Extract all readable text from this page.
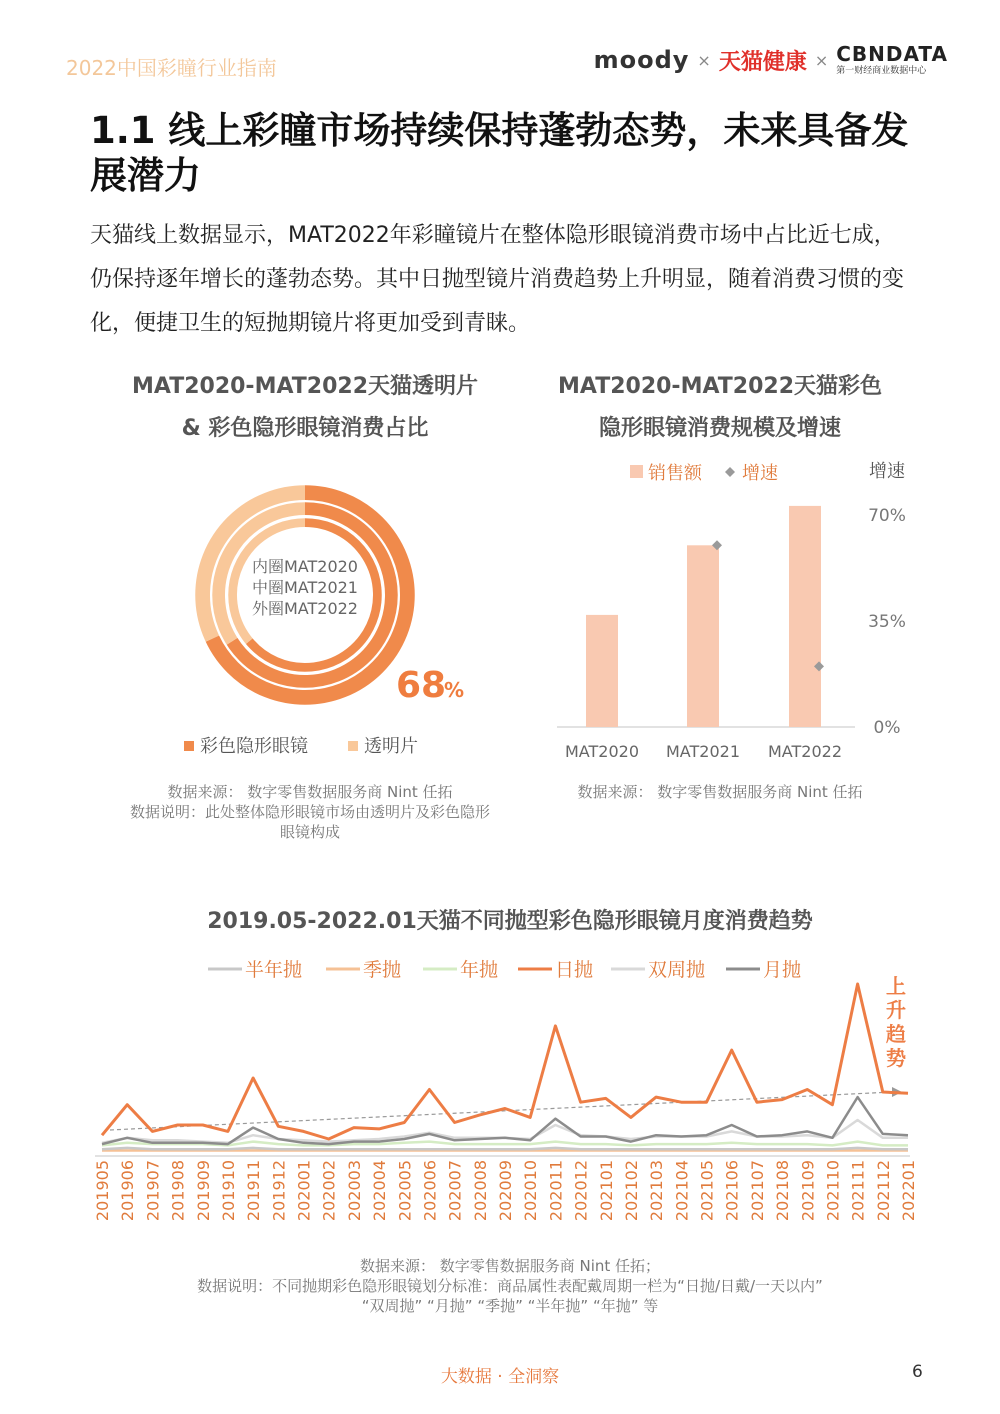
2022中国彩瞳行业指南	moody × 天猫健康 × CBNDATA
第一财经商业数据中心
1.1 线上彩瞳市场持续保持蓬勃态势，未来具备发展潜力

天猫线上数据显示，MAT2022年彩瞳镜片在整体隐形眼镜消费市场中占比近七成，仍保持逐年增长的蓬勃态势。其中日抛型镜片消费趋势上升明显，随着消费习惯的变化，便捷卫生的短抛期镜片将更加受到青睐。

MAT2020-MAT2022天猫透明片
& 彩色隐形眼镜消费占比
内圈MAT2020
中圈MAT2021
外圈MAT2022
68
%
彩色隐形眼镜	透明片
数据来源： 数字零售数据服务商 Nint 任拓
数据说明：此处整体隐形眼镜市场由透明片及彩色隐形
眼镜构成
MAT2020-MAT2022天猫彩色
隐形眼镜消费规模及增速
销售额 增速	增速
70%
35%
0%
MAT2020 MAT2021 MAT2022
数据来源： 数字零售数据服务商 Nint 任拓
2019.05-2022.01天猫不同抛型彩色隐形眼镜月度消费趋势
半年抛	季抛	年抛	日抛	双周抛	月抛
201905 201906 201907 201908 201909 201910 201911 201912 202001 202002 202003 202004 202005 202006 202007 202008 202009 202010 202011 202012 202101 202102 202103 202104 202105 202106 202107 202108 202109 202110 202111 202112 202201
上升趋势
数据来源： 数字零售数据服务商 Nint 任拓；
数据说明：不同抛期彩色隐形眼镜划分标准：商品属性表配戴周期一栏为“日抛/日戴/一天以内”
“双周抛” “月抛” “季抛” “半年抛” “年抛” 等
大数据 · 全洞察	6
